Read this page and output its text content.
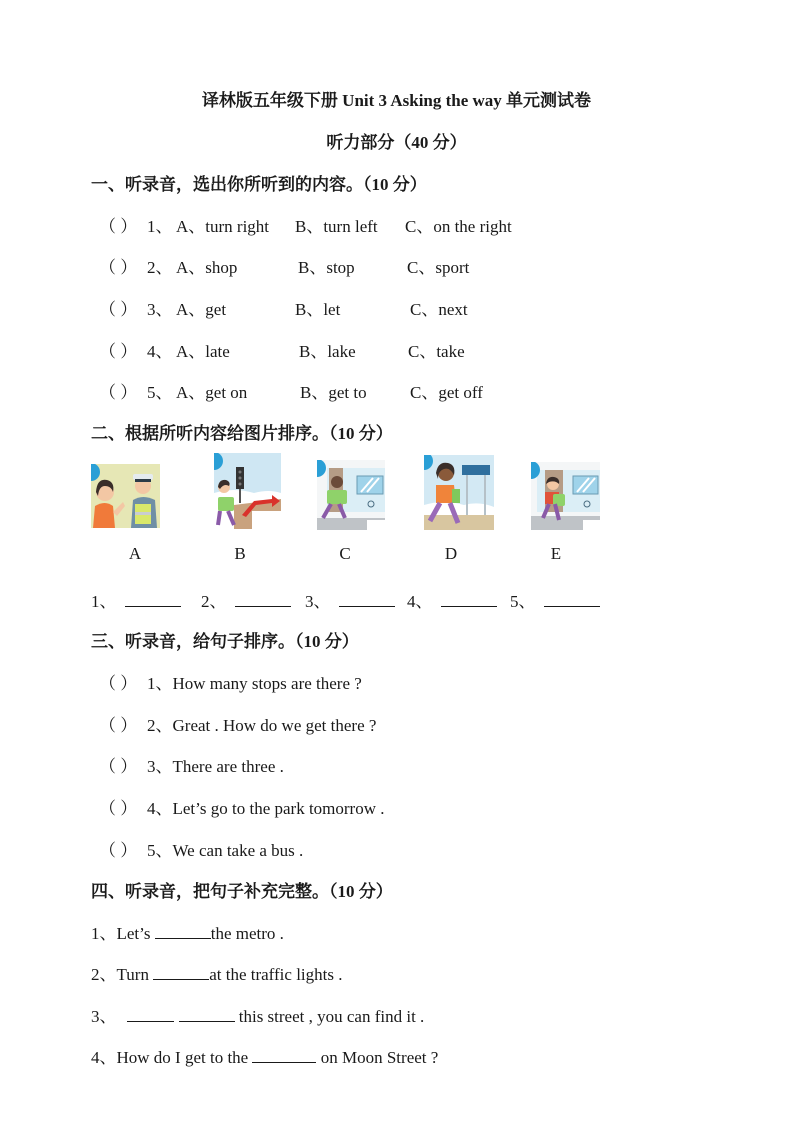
译林版五年级下册 Unit 3 Asking the way 单元测试卷
听力部分（40 分）
一、听录音，选出你所听到的内容。（10 分）
（ ） 1、 A、turn right B、turn left C、on the right
（ ） 2、 A、shop	B、stop	C、sport
（ ） 3、 A、get	B、let	C、next
（ ） 4、 A、late	B、lake	C、take
（ ） 5、 A、get on	B、get to	C、get off
二、根据所听内容给图片排序。（10 分）
A	B	C	D	E
1、	2、	3、	4、	5、
三、听录音，给句子排序。（10 分）
（ ） 1、How many stops are there ?
（ ） 2、Great . How do we get there ?
（ ） 3、There are three .
（ ） 4、Let’s go to the park tomorrow .
（ ） 5、We can take a bus .
四、听录音，把句子补充完整。（10 分）
1、Let’s	the metro .
2、Turn	at the traffic lights .
3、	this street , you can find it .
4、How do I get to the	on Moon Street ?
